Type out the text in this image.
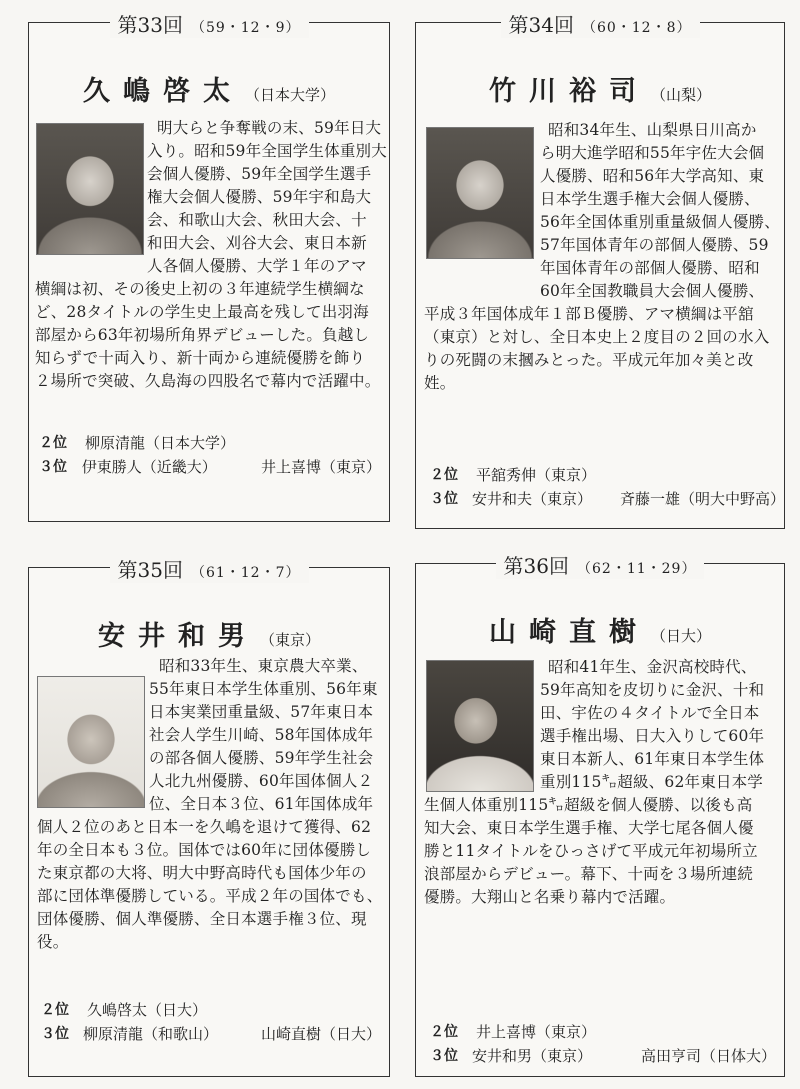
第33回 （59・12・9）
久嶋啓太 （日本大学）

明大らと争奪戦の末、59年日大

入り。昭和59年全国学生体重別大

会個人優勝、59年全国学生選手

権大会個人優勝、59年宇和島大

会、和歌山大会、秋田大会、十

和田大会、刈谷大会、東日本新

人各個人優勝、大学１年のアマ

横綱は初、その後史上初の３年連続学生横綱な

ど、28タイトルの学生史上最高を残して出羽海

部屋から63年初場所角界デビューした。負越し

知らずで十両入り、新十両から連続優勝を飾り

２場所で突破、久島海の四股名で幕内で活躍中。

２位 柳原清龍（日本大学）
３位 伊東勝人（近畿大）	井上喜博（東京）
第34回 （60・12・8）
竹川裕司 （山梨）

昭和34年生、山梨県日川高か

ら明大進学昭和55年宇佐大会個

人優勝、昭和56年大学高知、東

日本学生選手権大会個人優勝、

56年全国体重別重量級個人優勝、

57年国体青年の部個人優勝、59

年国体青年の部個人優勝、昭和

60年全国教職員大会個人優勝、

平成３年国体成年１部Ｂ優勝、アマ横綱は平舘

（東京）と対し、全日本史上２度目の２回の水入

りの死闘の末摑みとった。平成元年加々美と改

姓。

２位 平舘秀伸（東京）
３位 安井和夫（東京） 斉藤一雄（明大中野高）
第35回 （61・12・7）
安井和男 （東京）

昭和33年生、東京農大卒業、

55年東日本学生体重別、56年東

日本実業団重量級、57年東日本

社会人学生川崎、58年国体成年

の部各個人優勝、59年学生社会

人北九州優勝、60年国体個人２

位、全日本３位、61年国体成年

個人２位のあと日本一を久嶋を退けて獲得、62

年の全日本も３位。国体では60年に団体優勝し

た東京都の大将、明大中野高時代も国体少年の

部に団体準優勝している。平成２年の国体でも、

団体優勝、個人準優勝、全日本選手権３位、現

役。

２位 久嶋啓太（日大）
３位 柳原清龍（和歌山）	山崎直樹（日大）
第36回 （62・11・29）
山崎直樹 （日大）

昭和41年生、金沢高校時代、

59年高知を皮切りに金沢、十和

田、宇佐の４タイトルで全日本

選手権出場、日大入りして60年

東日本新人、61年東日本学生体

重別115㌔超級、62年東日本学

生個人体重別115㌔超級を個人優勝、以後も高

知大会、東日本学生選手権、大学七尾各個人優

勝と11タイトルをひっさげて平成元年初場所立

浪部屋からデビュー。幕下、十両を３場所連続

優勝。大翔山と名乗り幕内で活躍。

２位 井上喜博（東京）
３位 安井和男（東京）	高田亨司（日体大）
